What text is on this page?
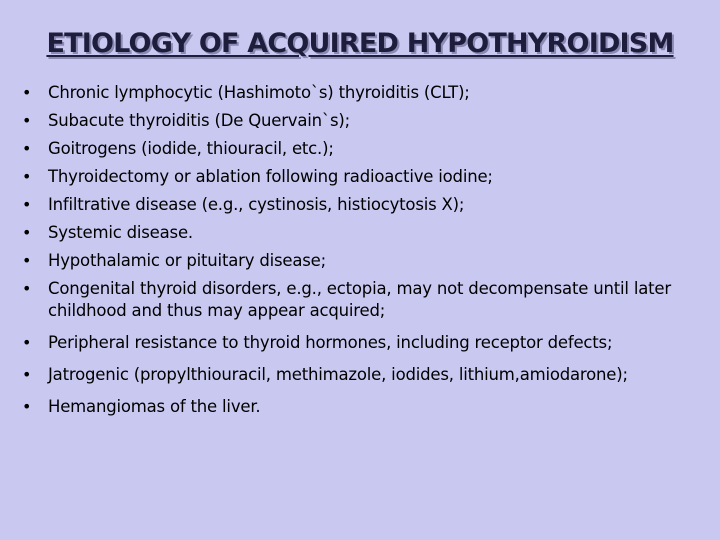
ETIOLOGY OF ACQUIRED HYPOTHYROIDISM
• Chronic lymphocytic (Hashimoto`s) thyroiditis (CLT);
• Subacute thyroiditis (De Quervain`s);
• Goitrogens (iodide, thiouracil, etc.);
• Thyroidectomy or ablation following radioactive iodine;
• Infiltrative disease (e.g., cystinosis, histiocytosis X);
• Systemic disease.
• Hypothalamic or pituitary disease;
• Congenital thyroid disorders, e.g., ectopia, may not decompensate until later childhood and thus may appear acquired;
• Peripheral resistance to thyroid hormones, including receptor defects;
• Jatrogenic (propylthiouracil, methimazole, iodides, lithium,amiodarone);
• Hemangiomas of the liver.
